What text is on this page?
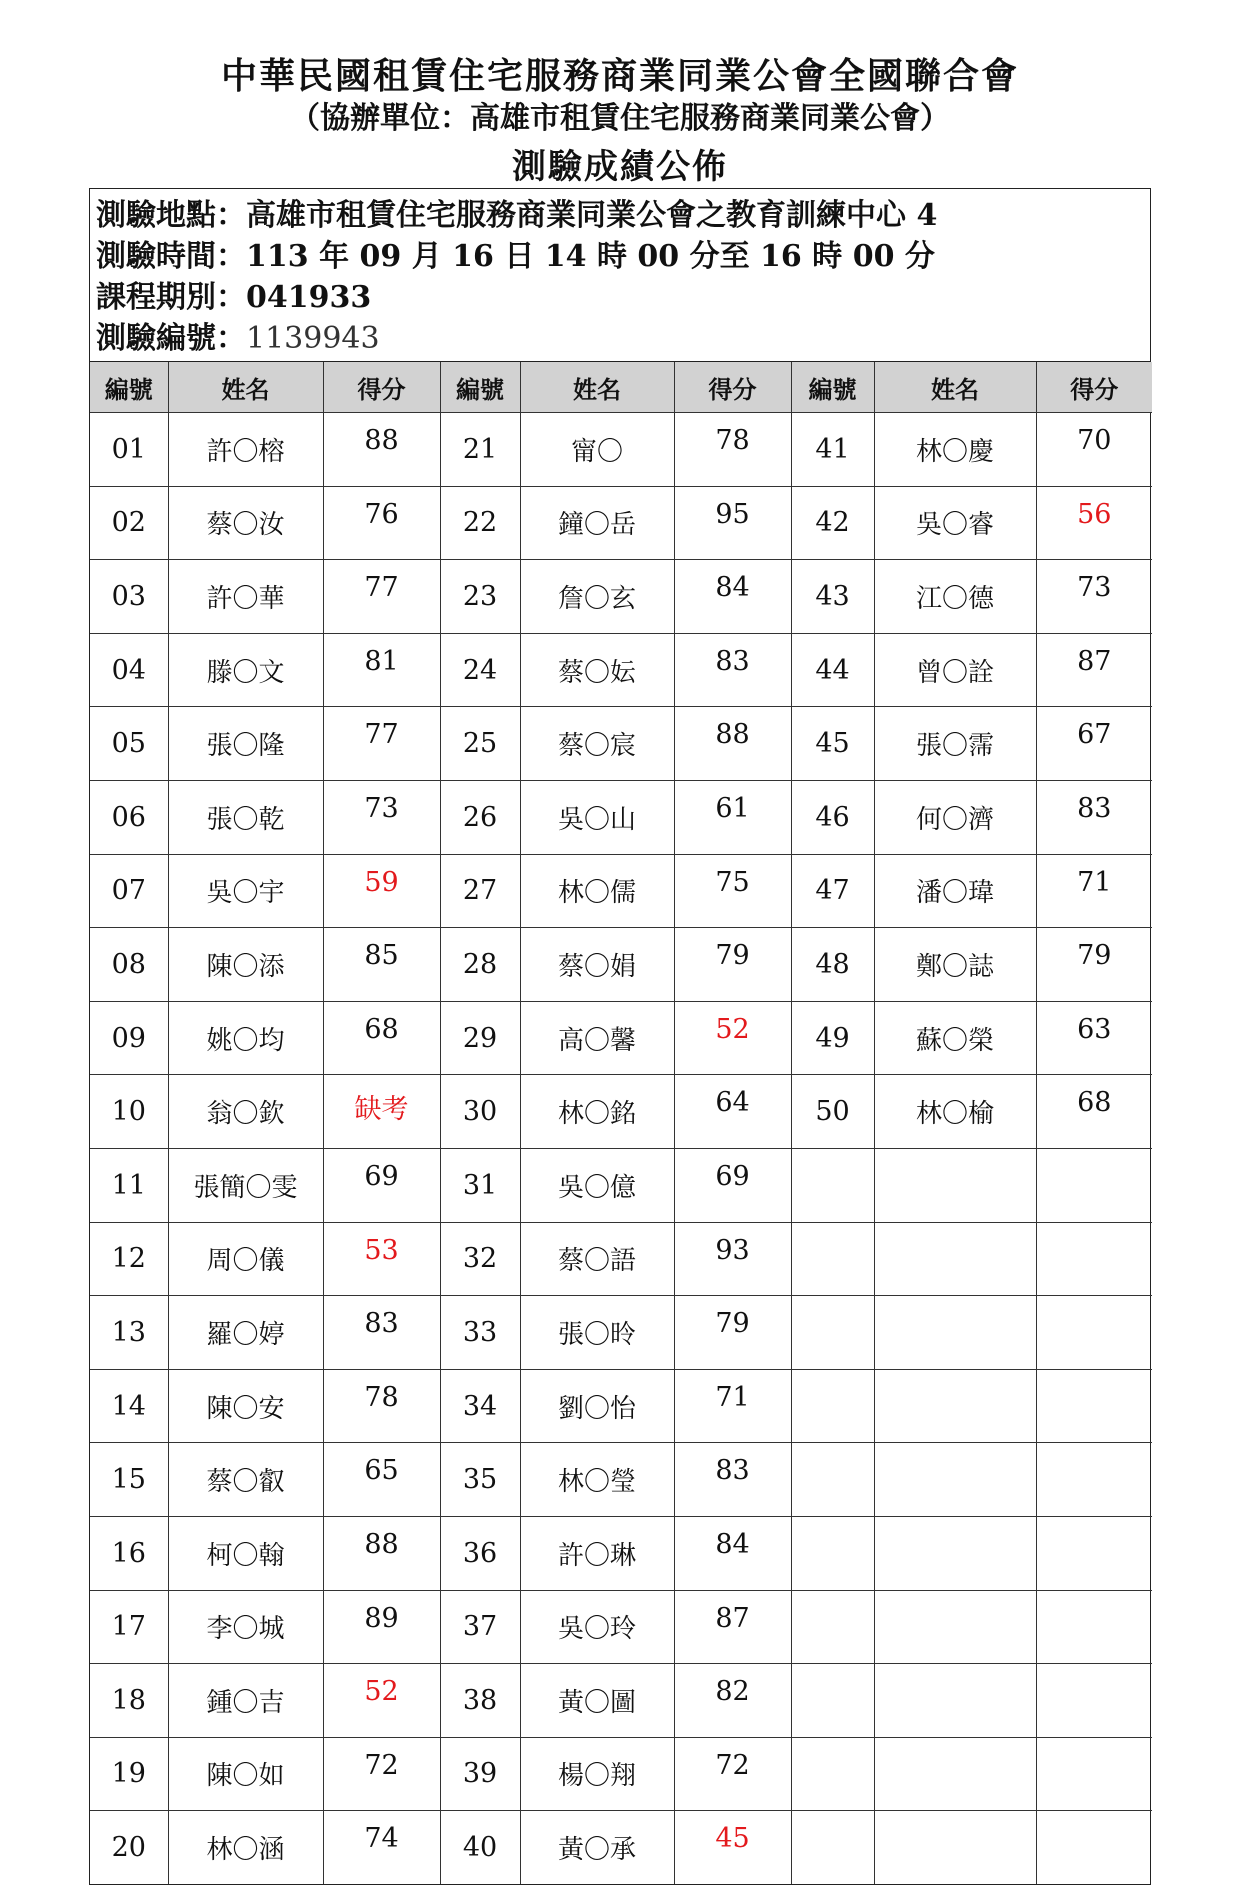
中華民國租賃住宅服務商業同業公會全國聯合會
（協辦單位：高雄市租賃住宅服務商業同業公會）
測驗成績公佈
測驗地點：高雄市租賃住宅服務商業同業公會之教育訓練中心 4
測驗時間：113 年 09 月 16 日 14 時 00 分至 16 時 00 分
課程期別：041933
測驗編號：1139943
編號	姓名	得分	編號	姓名	得分	編號	姓名	得分
01	許〇榕	88	21	甯〇	78	41	林〇慶	70
02	蔡〇汝	76	22	鐘〇岳	95	42	吳〇睿	56
03	許〇華	77	23	詹〇玄	84	43	江〇德	73
04	滕〇文	81	24	蔡〇妘	83	44	曾〇詮	87
05	張〇隆	77	25	蔡〇宸	88	45	張〇霈	67
06	張〇乾	73	26	吳〇山	61	46	何〇濟	83
07	吳〇宇	59	27	林〇儒	75	47	潘〇瑋	71
08	陳〇添	85	28	蔡〇娟	79	48	鄭〇誌	79
09	姚〇均	68	29	高〇馨	52	49	蘇〇榮	63
10	翁〇欽	缺考	30	林〇銘	64	50	林〇榆	68
11	張簡〇雯	69	31	吳〇億	69			
12	周〇儀	53	32	蔡〇語	93			
13	羅〇婷	83	33	張〇昤	79			
14	陳〇安	78	34	劉〇怡	71			
15	蔡〇叡	65	35	林〇瑩	83			
16	柯〇翰	88	36	許〇琳	84			
17	李〇城	89	37	吳〇玲	87			
18	鍾〇吉	52	38	黃〇圖	82			
19	陳〇如	72	39	楊〇翔	72			
20	林〇涵	74	40	黃〇承	45			
